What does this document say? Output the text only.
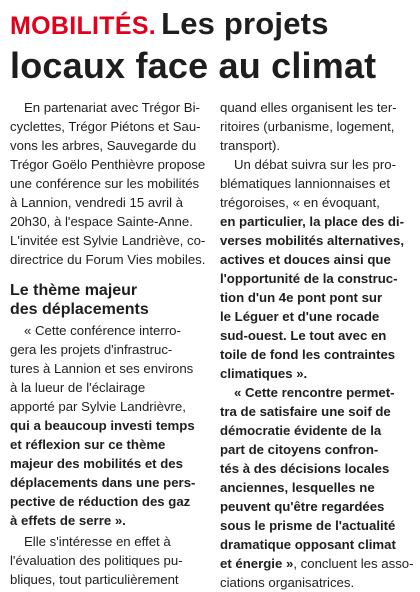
MOBILITÉS. Les projets
locaux face au climat
En partenariat avec Trégor Bi-
cyclettes, Trégor Piétons et Sau-
vons les arbres, Sauvegarde du
Trégor Goëlo Penthièvre propose
une conférence sur les mobilités
à Lannion, vendredi 15 avril à
20h30, à l'espace Sainte-Anne.
L'invitée est Sylvie Landriève, co-
directrice du Forum Vies mobiles.
Le thème majeur
des déplacements
« Cette conférence interro-
gera les projets d'infrastruc-
tures à Lannion et ses environs
à la lueur de l'éclairage
apporté par Sylvie Landrièvre,
qui a beaucoup investi temps
et réflexion sur ce thème
majeur des mobilités et des
déplacements dans une pers-
pective de réduction des gaz
à effets de serre ».
Elle s'intéresse en effet à
l'évaluation des politiques pu-
bliques, tout particulièrement
quand elles organisent les ter-
ritoires (urbanisme, logement,
transport).
Un débat suivra sur les pro-
blématiques lannionnaises et
trégoroises, « en évoquant,
en particulier, la place des di-
verses mobilités alternatives,
actives et douces ainsi que
l'opportunité de la construc-
tion d'un 4e pont pont sur
le Léguer et d'une rocade
sud-ouest. Le tout avec en
toile de fond les contraintes
climatiques ».
« Cette rencontre permet-
tra de satisfaire une soif de
démocratie évidente de la
part de citoyens confron-
tés à des décisions locales
anciennes, lesquelles ne
peuvent qu'être regardées
sous le prisme de l'actualité
dramatique opposant climat
et énergie », concluent les asso-
ciations organisatrices.
